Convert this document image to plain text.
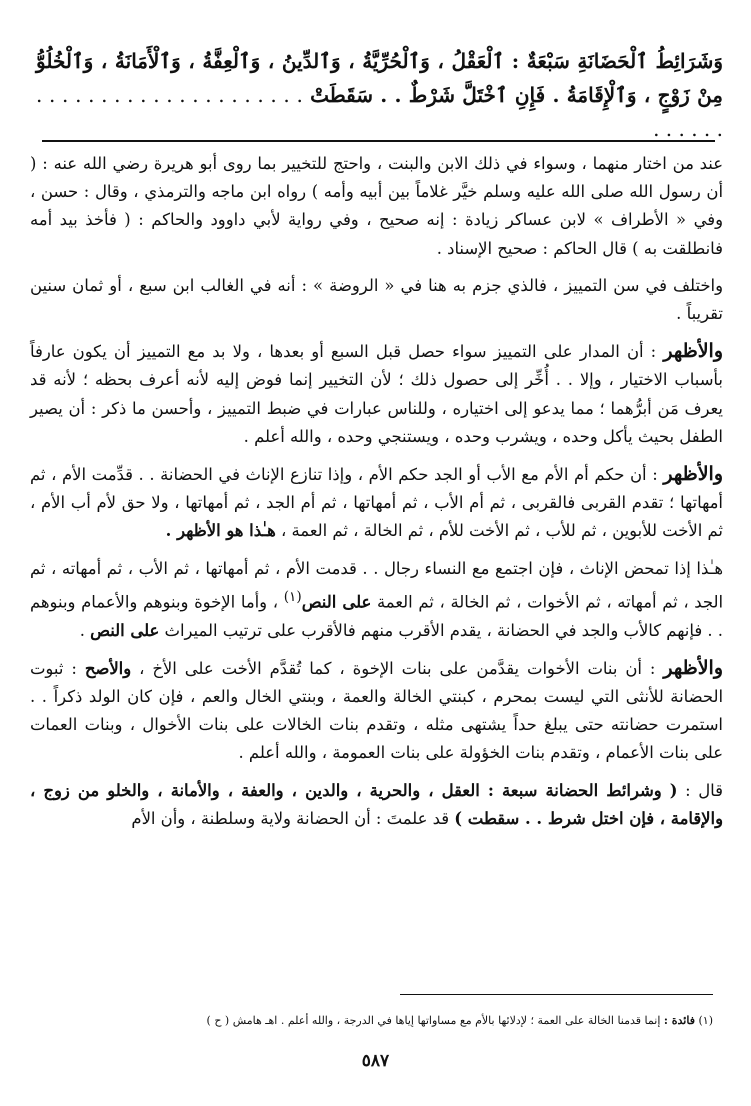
وَشَرَائِطُ ٱلْحَضَانَةِ سَبْعَةٌ : ٱلْعَقْلُ ، وَٱلْحُرِّيَّةُ ، وَٱلدِّينُ ، وَٱلْعِفَّةُ ، وَٱلْأَمَانَةُ ، وَٱلْخُلُوُّ مِنْ زَوْجٍ ، وَٱلْإِقَامَةُ . فَإِنِ ٱخْتَلَّ شَرْطٌ . . سَقَطَتْ . . . . . . . . . . . . . . . . . . . . . . . . . . .

عند من اختار منهما ، وسواء في ذلك الابن والبنت ، واحتج للتخيير بما روى أبو هريرة رضي الله عنه : ( أن رسول الله صلى الله عليه وسلم خيَّر غلاماً بين أبيه وأمه ) رواه ابن ماجه والترمذي ، وقال : حسن ، وفي « الأطراف » لابن عساكر زيادة : إنه صحيح ، وفي رواية لأبي داوود والحاكم : ( فأخذ بيد أمه فانطلقت به ) قال الحاكم : صحيح الإسناد .

واختلف في سن التمييز ، فالذي جزم به هنا في « الروضة » : أنه في الغالب ابن سبع ، أو ثمان سنين تقريباً .

والأظهر : أن المدار على التمييز سواء حصل قبل السبع أو بعدها ، ولا بد مع التمييز أن يكون عارفاً بأسباب الاختيار ، وإلا . . أُخِّر إلى حصول ذلك ؛ لأن التخيير إنما فوض إليه لأنه أعرف بحظه ؛ لأنه قد يعرف مَن أبرُّهما ؛ مما يدعو إلى اختياره ، وللناس عبارات في ضبط التمييز ، وأحسن ما ذكر : أن يصير الطفل بحيث يأكل وحده ، ويشرب وحده ، ويستنجي وحده ، والله أعلم .

والأظهر : أن حكم أم الأم مع الأب أو الجد حكم الأم ، وإذا تنازع الإناث في الحضانة . . قدِّمت الأم ، ثم أمهاتها ؛ تقدم القربى فالقربى ، ثم أم الأب ، ثم أمهاتها ، ثم أم الجد ، ثم أمهاتها ، ولا حق لأم أب الأم ، ثم الأخت للأبوين ، ثم للأب ، ثم الأخت للأم ، ثم الخالة ، ثم العمة ، هـٰذا هو الأظهر .

هـٰذا إذا تمحض الإناث ، فإن اجتمع مع النساء رجال . . قدمت الأم ، ثم أمهاتها ، ثم الأب ، ثم أمهاته ، ثم الجد ، ثم أمهاته ، ثم الأخوات ، ثم الخالة ، ثم العمة على النص$^{(١)}$ ، وأما الإخوة وبنوهم والأعمام وبنوهم . . فإنهم كالأب والجد في الحضانة ، يقدم الأقرب منهم فالأقرب على ترتيب الميراث على النص .

والأظهر : أن بنات الأخوات يقدَّمن على بنات الإخوة ، كما تُقدَّم الأخت على الأخ ، والأصح : ثبوت الحضانة للأنثى التي ليست بمحرم ، كبنتي الخالة والعمة ، وبنتي الخال والعم ، فإن كان الولد ذكراً . . استمرت حضانته حتى يبلغ حداً يشتهى مثله ، وتقدم بنات الخالات على بنات الأخوال ، وبنات العمات على بنات الأعمام ، وتقدم بنات الخؤولة على بنات العمومة ، والله أعلم .

قال : ( وشرائط الحضانة سبعة : العقل ، والحرية ، والدين ، والعفة ، والأمانة ، والخلو من زوج ، والإقامة ، فإن اختل شرط . . سقطت ) قد علمتَ : أن الحضانة ولاية وسلطنة ، وأن الأم

(١) فائدة : إنما قدمنا الخالة على العمة ؛ لإدلائها بالأم مع مساواتها إياها في الدرجة ، والله أعلم . اهـ هامش ( ح )
٥٨٧
